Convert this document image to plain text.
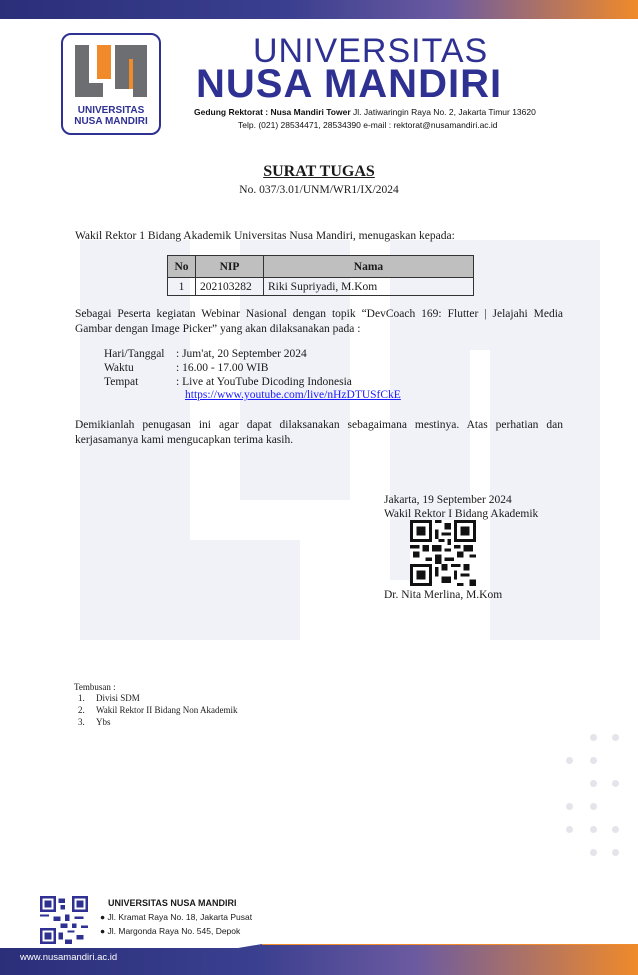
UNIVERSITAS
NUSA MANDIRI
UNIVERSITAS
NUSA MANDIRI
Gedung Rektorat : Nusa Mandiri Tower Jl. Jatiwaringin Raya No. 2, Jakarta Timur 13620
Telp. (021) 28534471, 28534390 e-mail : rektorat@nusamandiri.ac.id
SURAT TUGAS
No. 037/3.01/UNM/WR1/IX/2024
Wakil Rektor 1 Bidang Akademik Universitas Nusa Mandiri, menugaskan kepada:
No	NIP	Nama
1	202103282	Riki Supriyadi, M.Kom
Sebagai Peserta kegiatan Webinar Nasional dengan topik “DevCoach 169: Flutter | Jelajahi Media Gambar dengan Image Picker” yang akan dilaksanakan pada :
Hari/Tanggal : Jum'at, 20 September 2024
Waktu	: 16.00 - 17.00 WIB
Tempat	: Live at YouTube Dicoding Indonesia
https://www.youtube.com/live/nHzDTUSfCkE
Demikianlah penugasan ini agar dapat dilaksanakan sebagaimana mestinya. Atas perhatian dan kerjasamanya kami mengucapkan terima kasih.
Jakarta, 19 September 2024
Wakil Rektor I Bidang Akademik
Dr. Nita Merlina, M.Kom
Tembusan :
1. Divisi SDM
2. Wakil Rektor II Bidang Non Akademik
3. Ybs
UNIVERSITAS NUSA MANDIRI
● Jl. Kramat Raya No. 18, Jakarta Pusat
● Jl. Margonda Raya No. 545, Depok
www.nusamandiri.ac.id
